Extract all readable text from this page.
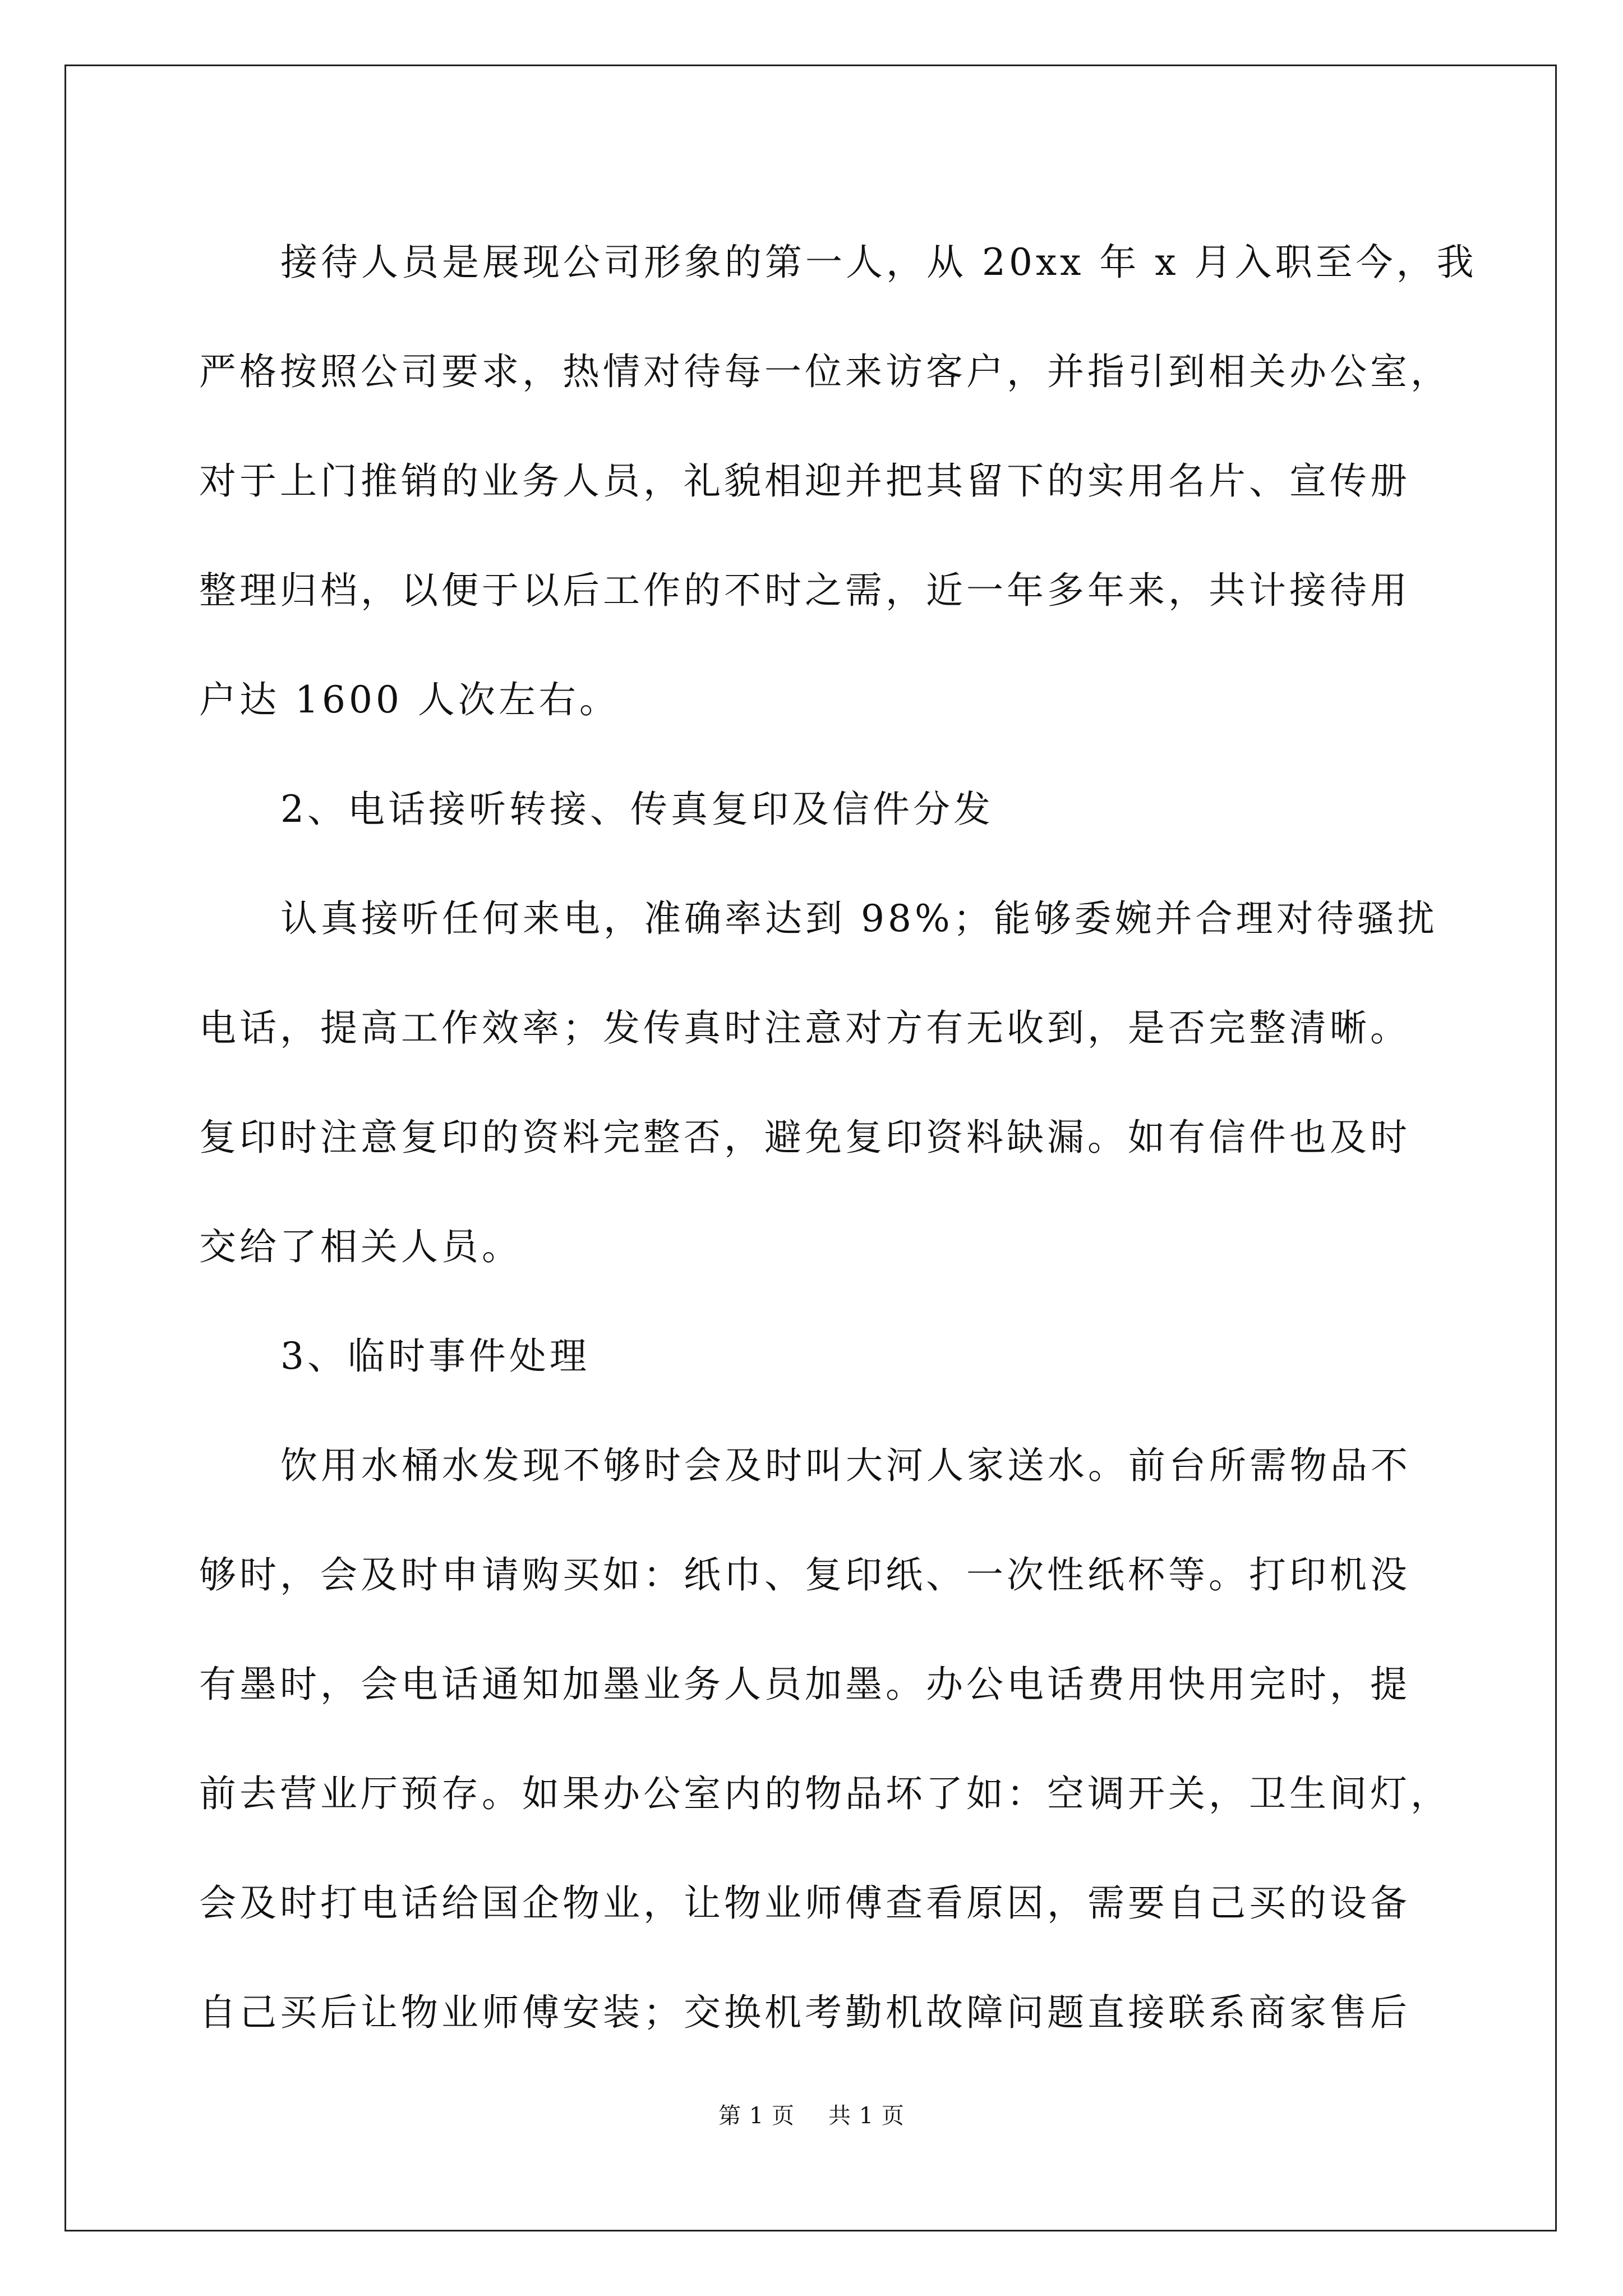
接待人员是展现公司形象的第一人，从 20xx 年 x 月入职至今，我
严格按照公司要求，热情对待每一位来访客户，并指引到相关办公室，
对于上门推销的业务人员，礼貌相迎并把其留下的实用名片、宣传册
整理归档，以便于以后工作的不时之需，近一年多年来，共计接待用
户达 1600 人次左右。
2、电话接听转接、传真复印及信件分发
认真接听任何来电，准确率达到 98%；能够委婉并合理对待骚扰
电话，提高工作效率；发传真时注意对方有无收到，是否完整清晰。
复印时注意复印的资料完整否，避免复印资料缺漏。如有信件也及时
交给了相关人员。
3、临时事件处理
饮用水桶水发现不够时会及时叫大河人家送水。前台所需物品不
够时，会及时申请购买如：纸巾、复印纸、一次性纸杯等。打印机没
有墨时，会电话通知加墨业务人员加墨。办公电话费用快用完时，提
前去营业厅预存。如果办公室内的物品坏了如：空调开关，卫生间灯，
会及时打电话给国企物业，让物业师傅查看原因，需要自己买的设备
自己买后让物业师傅安装；交换机考勤机故障问题直接联系商家售后
第 1 页 共 1 页
